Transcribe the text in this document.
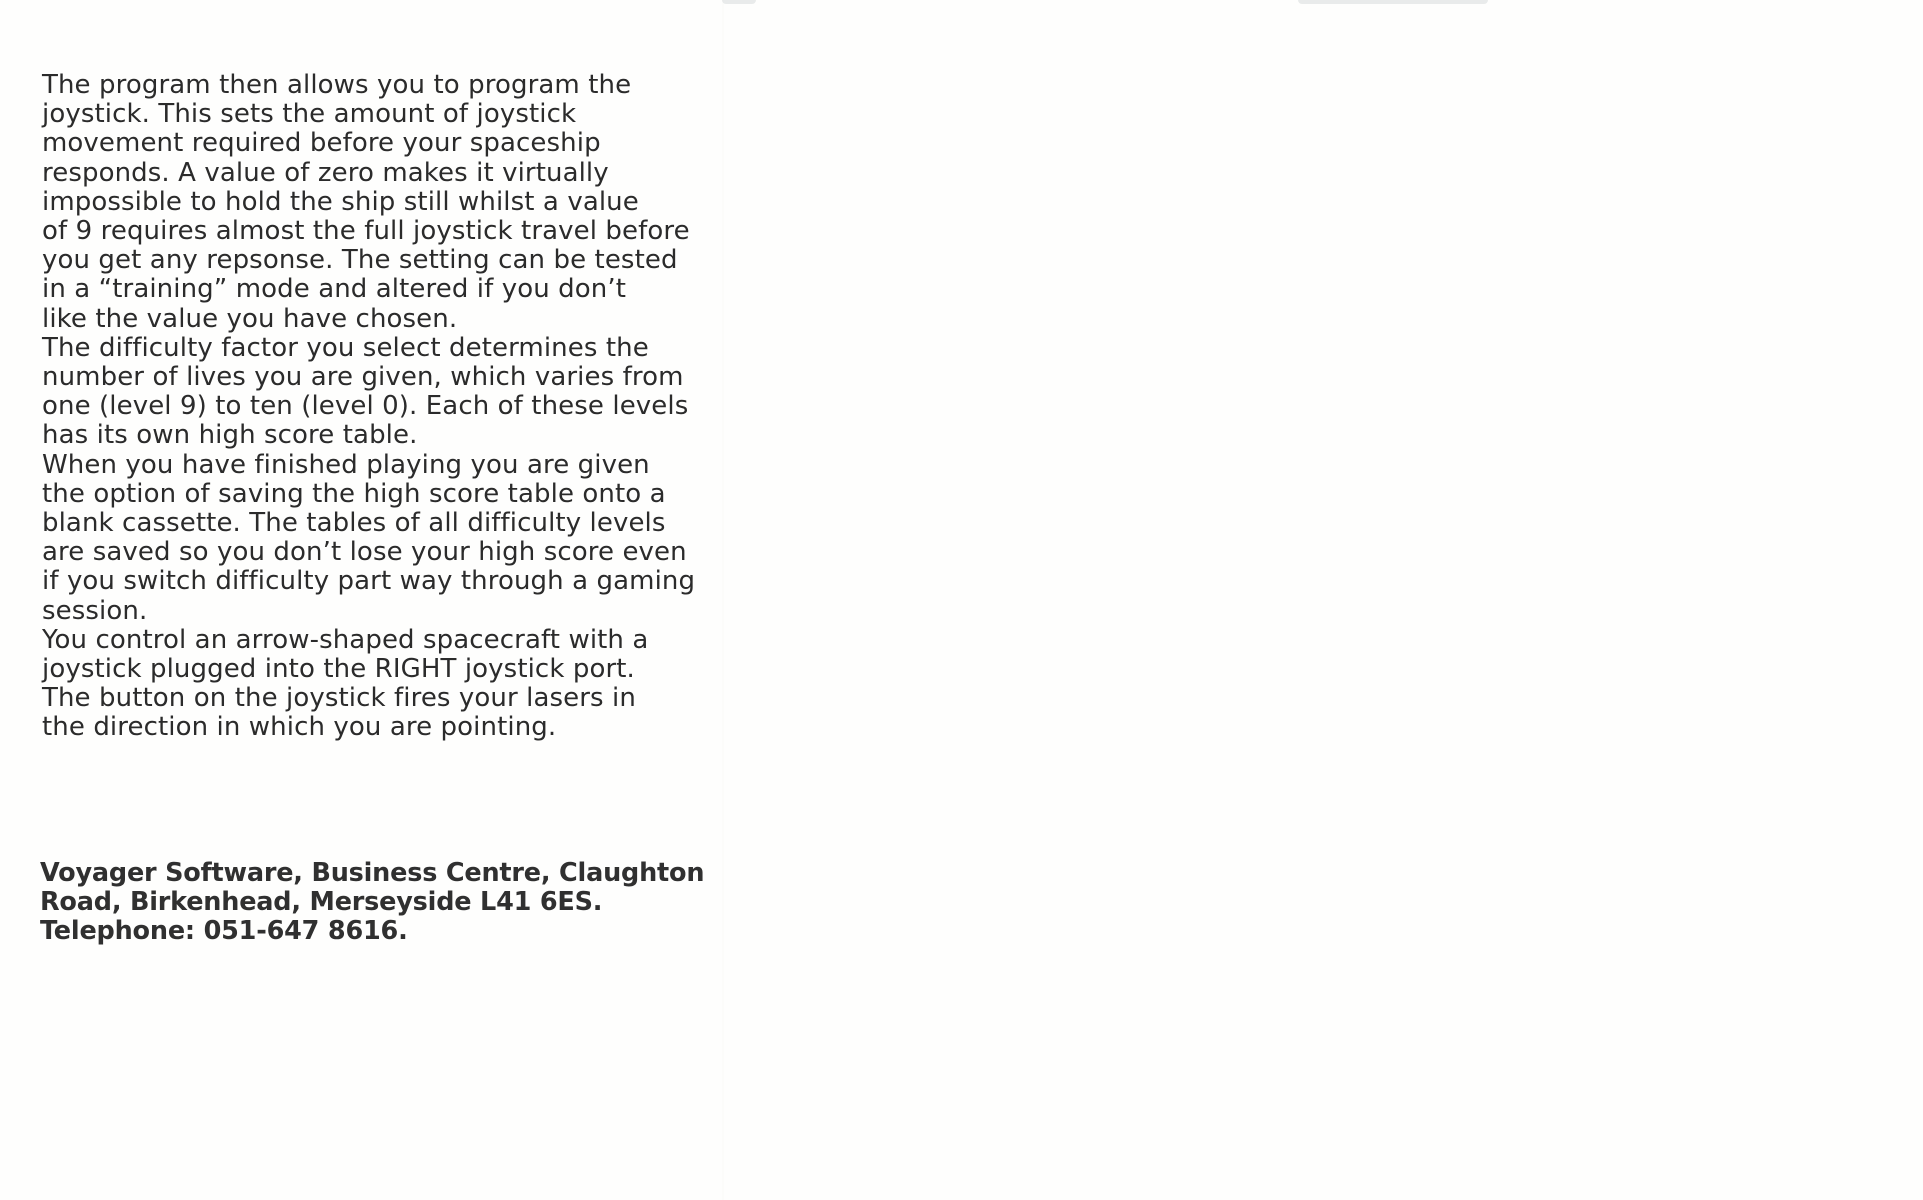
The program then allows you to program the
joystick. This sets the amount of joystick
movement required before your spaceship
responds. A value of zero makes it virtually
impossible to hold the ship still whilst a value
of 9 requires almost the full joystick travel before
you get any repsonse. The setting can be tested
in a “training” mode and altered if you don’t
like the value you have chosen.
The difficulty factor you select determines the
number of lives you are given, which varies from
one (level 9) to ten (level 0). Each of these levels
has its own high score table.
When you have finished playing you are given
the option of saving the high score table onto a
blank cassette. The tables of all difficulty levels
are saved so you don’t lose your high score even
if you switch difficulty part way through a gaming
session.
You control an arrow-shaped spacecraft with a
joystick plugged into the RIGHT joystick port.
The button on the joystick fires your lasers in
the direction in which you are pointing.
Voyager Software, Business Centre, Claughton
Road, Birkenhead, Merseyside L41 6ES.
Telephone: 051-647 8616.
